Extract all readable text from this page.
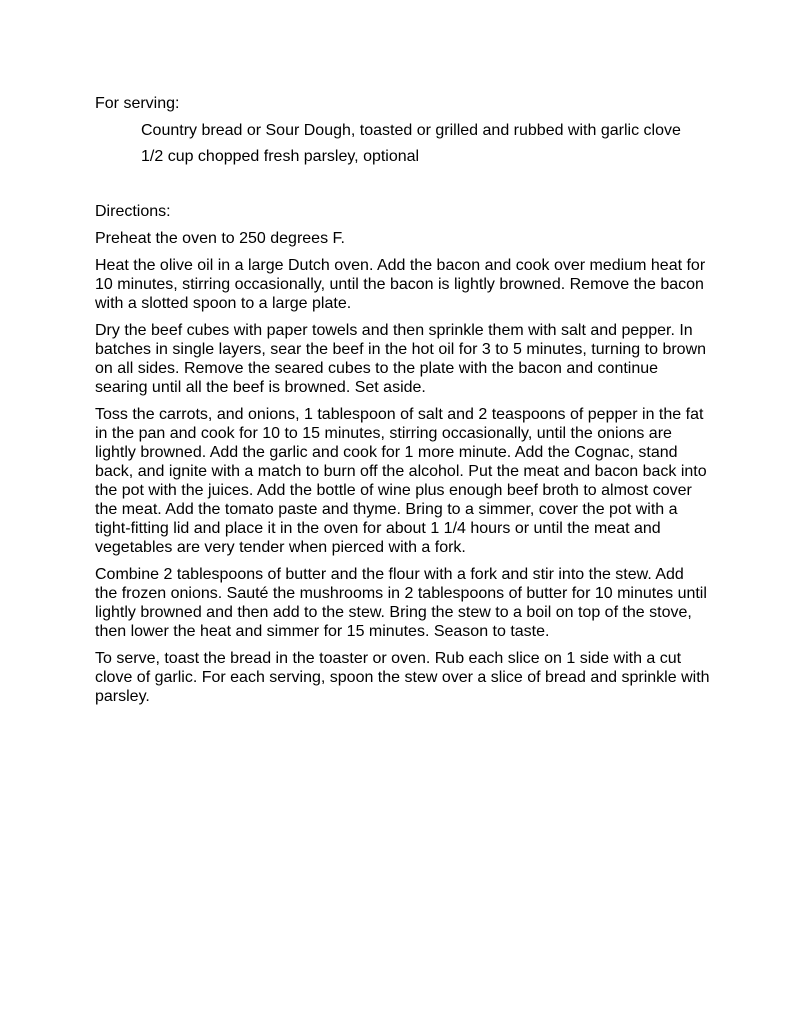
For serving:

Country bread or Sour Dough, toasted or grilled and rubbed with garlic clove

1/2 cup chopped fresh parsley, optional

Directions:

Preheat the oven to 250 degrees F.

Heat the olive oil in a large Dutch oven. Add the bacon and cook over medium heat for 10 minutes, stirring occasionally, until the bacon is lightly browned. Remove the bacon with a slotted spoon to a large plate.

Dry the beef cubes with paper towels and then sprinkle them with salt and pepper. In batches in single layers, sear the beef in the hot oil for 3 to 5 minutes, turning to brown on all sides. Remove the seared cubes to the plate with the bacon and continue searing until all the beef is browned. Set aside.

Toss the carrots, and onions, 1 tablespoon of salt and 2 teaspoons of pepper in the fat in the pan and cook for 10 to 15 minutes, stirring occasionally, until the onions are lightly browned. Add the garlic and cook for 1 more minute. Add the Cognac, stand back, and ignite with a match to burn off the alcohol. Put the meat and bacon back into the pot with the juices. Add the bottle of wine plus enough beef broth to almost cover the meat. Add the tomato paste and thyme. Bring to a simmer, cover the pot with a tight-fitting lid and place it in the oven for about 1 1/4 hours or until the meat and vegetables are very tender when pierced with a fork.

Combine 2 tablespoons of butter and the flour with a fork and stir into the stew. Add the frozen onions. Sauté the mushrooms in 2 tablespoons of butter for 10 minutes until lightly browned and then add to the stew. Bring the stew to a boil on top of the stove, then lower the heat and simmer for 15 minutes. Season to taste.

To serve, toast the bread in the toaster or oven. Rub each slice on 1 side with a cut clove of garlic. For each serving, spoon the stew over a slice of bread and sprinkle with parsley.
